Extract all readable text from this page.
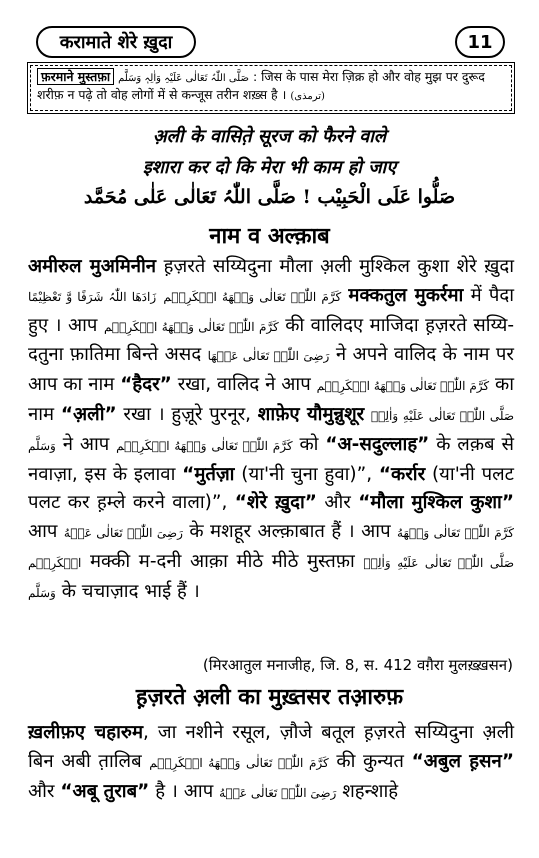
करामाते शेरे ख़ुदा	11
फ़रमाने मुस्तफ़ा صَلَّی اللّٰہُ تَعَالٰی عَلَیْہِ وَاٰلِہٖ وَسَلَّم : जिस के पास मेरा ज़िक्र हो और वोह मुझ पर दुरूद
शरीफ़ न पढ़े तो वोह लोगों में से कन्जूस तरीन शख़्स है । (ترمذی)
अ़ली के वासित़े सूरज को फैरने वाले
इशारा कर दो कि मेरा भी काम हो जाए
صَلُّوا عَلَی الْحَبِیْب ! صَلَّی اللّٰہُ تَعَالٰی عَلٰی مُحَمَّد
नाम व अल्क़ाब
अमीरुल मुअमिनीन ह़ज़रते सय्यिदुना मौला अ़ली मुश्किल कुशा शेरे ख़ुदा زَادَھَا اللّٰہُ شَرَفًا وَّ تَعْظِیْمًا كَرَّمَ اللّٰہُ تَعَالٰی وَجۡهَهُ الۡكَرِیۡم मक्कतुल मुकर्रमा में पैदा हुए । आप كَرَّمَ اللّٰہُ تَعَالٰی وَجۡهَهُ الۡكَرِیۡم की वालिदए माजिदा ह़ज़रते सय्यि-दतुना फ़ातिमा बिन्ते असद رَضِیَ اللّٰہُ تَعَالٰی عَنۡهَا ने अपने वालिद के नाम पर आप का नाम “हैदर” रखा, वालिद ने आप كَرَّمَ اللّٰہُ تَعَالٰی وَجۡهَهُ الۡكَرِیۡم का नाम “अ़ली” रखा । हुज़ूरे पुरनूर, शाफ़ेए यौमुन्नुशूर صَلَّی اللّٰہُ تَعَالٰی عَلَیْهِ وَاٰلِهٖ وَسَلَّم ने आप كَرَّمَ اللّٰہُ تَعَالٰی وَجۡهَهُ الۡكَرِیۡم को “अ-सदुल्लाह” के लक़ब से नवाज़ा, इस के इलावा “मुर्तज़ा (या'नी चुना हुवा)”, “कर्रार (या'नी पलट पलट कर ह़म्ले करने वाला)”, “शेरे ख़ुदा” और “मौला मुश्किल कुशा” आप رَضِیَ اللّٰہُ تَعَالٰی عَنۡهُ के मशहूर अल्क़ाबात हैं । आप كَرَّمَ اللّٰہُ تَعَالٰی وَجۡهَهُ الۡكَرِیۡم मक्की म-दनी आक़ा मीठे मीठे मुस्तफ़ा صَلَّی اللّٰہُ تَعَالٰی عَلَیْهِ وَاٰلِهٖ وَسَلَّم के चचाज़ाद भाई हैं ।
(मिरआतुल मनाजीह, जि. 8, स. 412 वग़ैरा मुलख़्ख़सन)
ह़ज़रते अ़ली का मुख़्तसर तआ़रुफ़
ख़लीफ़ए चहारुम, जा नशीने रसूल, ज़ौजे बतूल ह़ज़रते सय्यिदुना अ़ली बिन अबी त़ालिब كَرَّمَ اللّٰہُ تَعَالٰی وَجۡهَهُ الۡكَرِیۡم की कुन्यत “अबुल ह़सन” और “अबू तुराब” है । आप رَضِیَ اللّٰہُ تَعَالٰی عَنۡهُ शहन्शाहे
